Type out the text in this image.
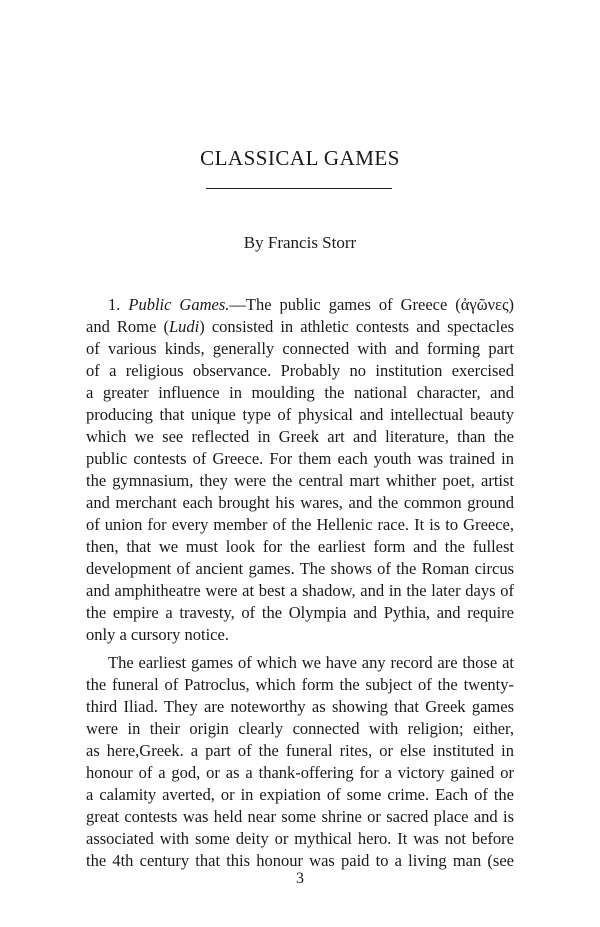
CLASSICAL GAMES
By Francis Storr
1. Public Games.—The public games of Greece (ἀγῶνες)
and Rome (Ludi) consisted in athletic contests and spectacles
of various kinds, generally connected with and forming part
of a religious observance. Probably no institution exercised
a greater influence in moulding the national character, and
producing that unique type of physical and intellectual beauty
which we see reflected in Greek art and literature, than the
public contests of Greece. For them each youth was trained in
the gymnasium, they were the central mart whither poet, artist
and merchant each brought his wares, and the common ground
of union for every member of the Hellenic race. It is to Greece,
then, that we must look for the earliest form and the fullest
development of ancient games. The shows of the Roman circus
and amphitheatre were at best a shadow, and in the later days of
the empire a travesty, of the Olympia and Pythia, and require
only a cursory notice.
The earliest games of which we have any record are those at
the funeral of Patroclus, which form the subject of the twenty-
third Iliad. They are noteworthy as showing that Greek games
were in their origin clearly connected with religion; either,
as here,Greek. a part of the funeral rites, or else instituted in
honour of a god, or as a thank-offering for a victory gained or
a calamity averted, or in expiation of some crime. Each of the
great contests was held near some shrine or sacred place and is
associated with some deity or mythical hero. It was not before
the 4th century that this honour was paid to a living man (see
3
